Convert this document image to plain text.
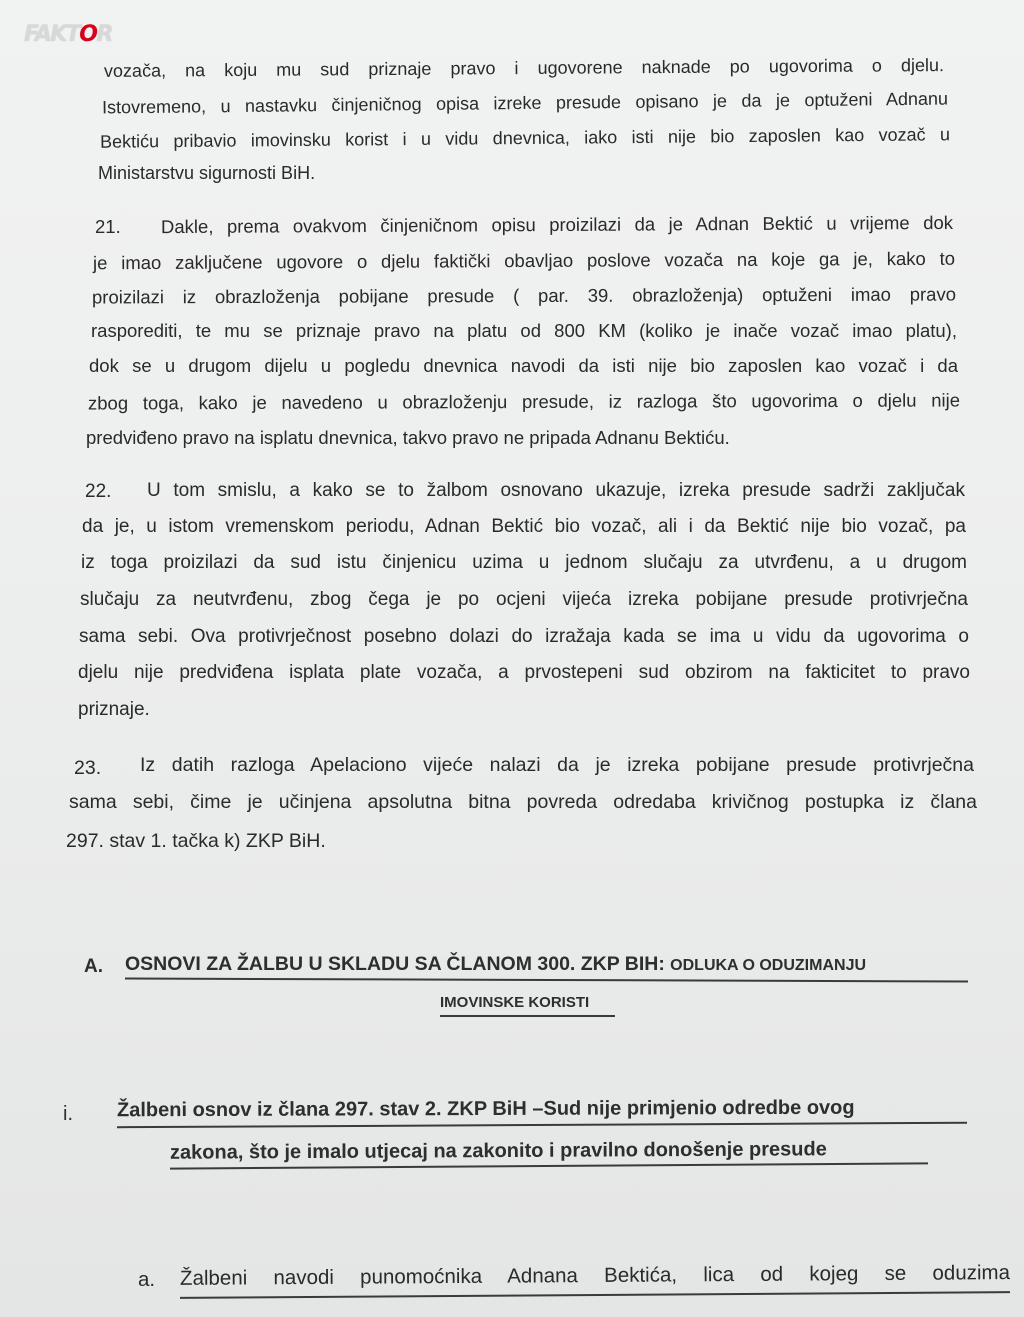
FAKTOR
vozača, na koju mu sud priznaje pravo i ugovorene naknade po ugovorima o djelu.
Istovremeno, u nastavku činjeničnog opisa izreke presude opisano je da je optuženi Adnanu
Bektiću pribavio imovinsku korist i u vidu dnevnica, iako isti nije bio zaposlen kao vozač u
Ministarstvu sigurnosti BiH.
21. Dakle, prema ovakvom činjeničnom opisu proizilazi da je Adnan Bektić u vrijeme dok
je imao zaključene ugovore o djelu faktički obavljao poslove vozača na koje ga je, kako to
proizilazi iz obrazloženja pobijane presude ( par. 39. obrazloženja) optuženi imao pravo
rasporediti, te mu se priznaje pravo na platu od 800 KM (koliko je inače vozač imao platu),
dok se u drugom dijelu u pogledu dnevnica navodi da isti nije bio zaposlen kao vozač i da
zbog toga, kako je navedeno u obrazloženju presude, iz razloga što ugovorima o djelu nije
predviđeno pravo na isplatu dnevnica, takvo pravo ne pripada Adnanu Bektiću.
22. U tom smislu, a kako se to žalbom osnovano ukazuje, izreka presude sadrži zaključak
da je, u istom vremenskom periodu, Adnan Bektić bio vozač, ali i da Bektić nije bio vozač, pa
iz toga proizilazi da sud istu činjenicu uzima u jednom slučaju za utvrđenu, a u drugom
slučaju za neutvrđenu, zbog čega je po ocjeni vijeća izreka pobijane presude protivrječna
sama sebi. Ova protivrječnost posebno dolazi do izražaja kada se ima u vidu da ugovorima o
djelu nije predviđena isplata plate vozača, a prvostepeni sud obzirom na fakticitet to pravo
priznaje.
23. Iz datih razloga Apelaciono vijeće nalazi da je izreka pobijane presude protivrječna
sama sebi, čime je učinjena apsolutna bitna povreda odredaba krivičnog postupka iz člana
297. stav 1. tačka k) ZKP BiH.
A. OSNOVI ZA ŽALBU U SKLADU SA ČLANOM 300. ZKP BIH: ODLUKA O ODUZIMANJU
IMOVINSKE KORISTI
i. Žalbeni osnov iz člana 297. stav 2. ZKP BiH –Sud nije primjenio odredbe ovog
zakona, što je imalo utjecaj na zakonito i pravilno donošenje presude
a. Žalbeni navodi punomoćnika Adnana Bektića, lica od kojeg se oduzima
